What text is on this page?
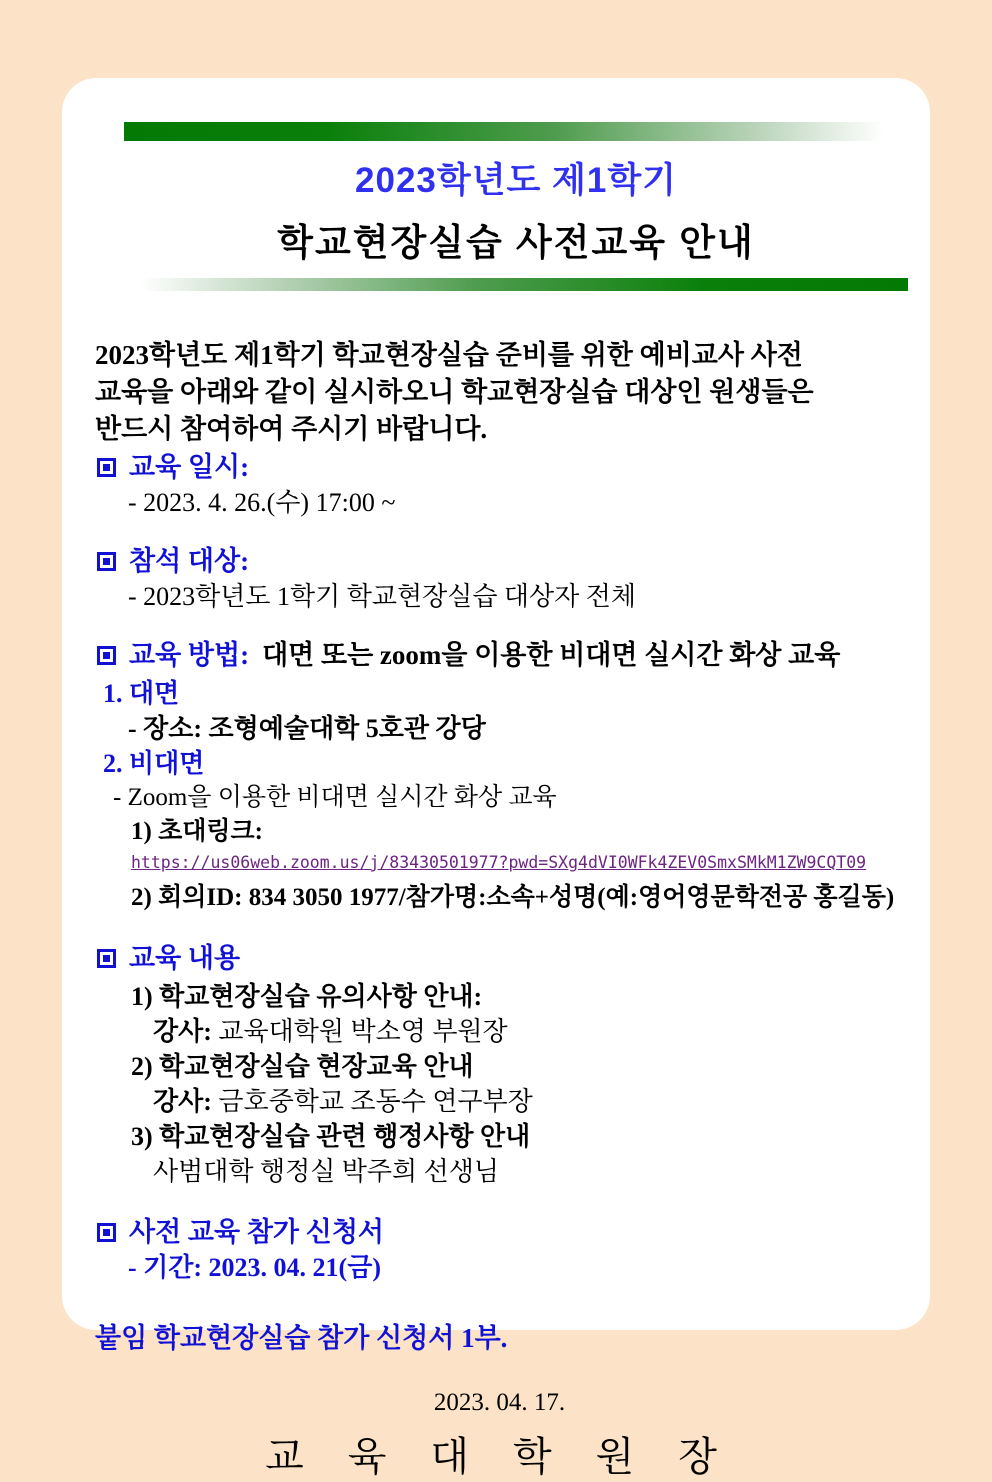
2023학년도 제1학기
학교현장실습 사전교육 안내
2023학년도 제1학기 학교현장실습 준비를 위한 예비교사 사전
교육을 아래와 같이 실시하오니 학교현장실습 대상인 원생들은
반드시 참여하여 주시기 바랍니다.
교육 일시:
- 2023. 4. 26.(수) 17:00 ~
참석 대상:
- 2023학년도 1학기 학교현장실습 대상자 전체
교육 방법: 대면 또는 zoom을 이용한 비대면 실시간 화상 교육
1. 대면
- 장소: 조형예술대학 5호관 강당
2. 비대면
- Zoom을 이용한 비대면 실시간 화상 교육
1) 초대링크:
https://us06web.zoom.us/j/83430501977?pwd=SXg4dVI0WFk4ZEV0SmxSMkM1ZW9CQT09
2) 회의ID: 834 3050 1977/참가명:소속+성명(예:영어영문학전공 홍길동)
교육 내용
1) 학교현장실습 유의사항 안내:
강사: 교육대학원 박소영 부원장
2) 학교현장실습 현장교육 안내
강사: 금호중학교 조동수 연구부장
3) 학교현장실습 관련 행정사항 안내
사범대학 행정실 박주희 선생님
사전 교육 참가 신청서
- 기간: 2023. 04. 21(금)
붙임 학교현장실습 참가 신청서 1부.
2023. 04. 17.
교 육 대 학 원 장
